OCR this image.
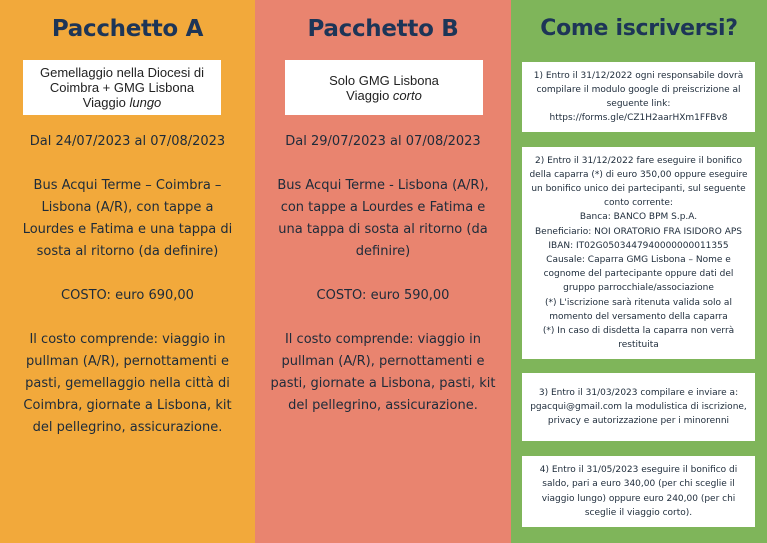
Pacchetto A
Gemellaggio nella Diocesi di
Coimbra + GMG Lisbona
Viaggio lungo
Dal 24/07/2023 al 07/08/2023
Bus Acqui Terme – Coimbra – Lisbona (A/R), con tappe a Lourdes e Fatima e una tappa di sosta al ritorno (da definire)
COSTO: euro 690,00
Il costo comprende: viaggio in pullman (A/R), pernottamenti e pasti, gemellaggio nella città di Coimbra, giornate a Lisbona, kit del pellegrino, assicurazione.
Pacchetto B
Solo GMG Lisbona
Viaggio corto
Dal 29/07/2023 al 07/08/2023
Bus Acqui Terme - Lisbona (A/R), con tappe a Lourdes e Fatima e una tappa di sosta al ritorno (da definire)
COSTO: euro 590,00
Il costo comprende: viaggio in pullman (A/R), pernottamenti e pasti, giornate a Lisbona, pasti, kit del pellegrino, assicurazione.
Come iscriversi?
1) Entro il 31/12/2022 ogni responsabile dovrà compilare il modulo google di preiscrizione al seguente link: https://forms.gle/CZ1H2aarHXm1FFBv8
2) Entro il 31/12/2022 fare eseguire il bonifico della caparra (*) di euro 350,00 oppure eseguire un bonifico unico dei partecipanti, sul seguente conto corrente:
Banca: BANCO BPM S.p.A.
Beneficiario: NOI ORATORIO FRA ISIDORO APS
IBAN: IT02G0503447940000000011355
Causale: Caparra GMG Lisbona – Nome e cognome del partecipante oppure dati del gruppo parrocchiale/associazione
(*) L'iscrizione sarà ritenuta valida solo al momento del versamento della caparra
(*) In caso di disdetta la caparra non verrà restituita
3) Entro il 31/03/2023 compilare e inviare a: pgacqui@gmail.com la modulistica di iscrizione, privacy e autorizzazione per i minorenni
4) Entro il 31/05/2023 eseguire il bonifico di saldo, pari a euro 340,00 (per chi sceglie il viaggio lungo) oppure euro 240,00 (per chi sceglie il viaggio corto).
